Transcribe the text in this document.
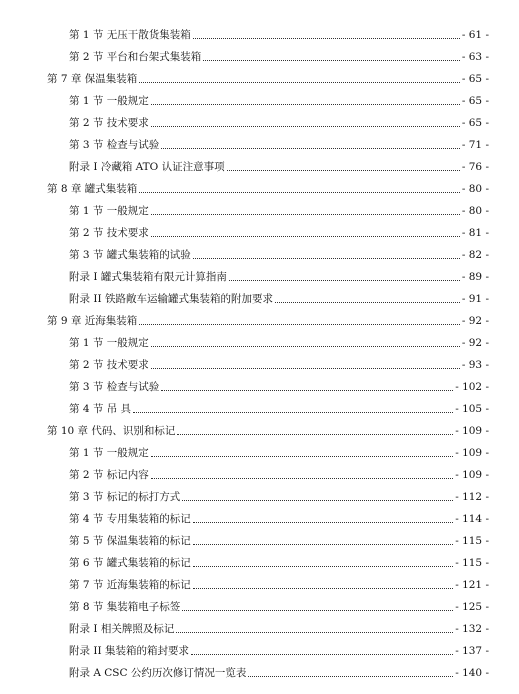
第 1 节 无压干散货集装箱	- 61 -
第 2 节 平台和台架式集装箱	- 63 -
第 7 章 保温集装箱	- 65 -
第 1 节 一般规定	- 65 -
第 2 节 技术要求	- 65 -
第 3 节 检查与试验	- 71 -
附录 I 冷藏箱 ATO 认证注意事项	- 76 -
第 8 章 罐式集装箱	- 80 -
第 1 节 一般规定	- 80 -
第 2 节 技术要求	- 81 -
第 3 节 罐式集装箱的试验	- 82 -
附录 I 罐式集装箱有限元计算指南	- 89 -
附录 II 铁路敞车运输罐式集装箱的附加要求	- 91 -
第 9 章 近海集装箱	- 92 -
第 1 节 一般规定	- 92 -
第 2 节 技术要求	- 93 -
第 3 节 检查与试验	- 102 -
第 4 节 吊 具	- 105 -
第 10 章 代码、识别和标记	- 109 -
第 1 节 一般规定	- 109 -
第 2 节 标记内容	- 109 -
第 3 节 标记的标打方式	- 112 -
第 4 节 专用集装箱的标记	- 114 -
第 5 节 保温集装箱的标记	- 115 -
第 6 节 罐式集装箱的标记	- 115 -
第 7 节 近海集装箱的标记	- 121 -
第 8 节 集装箱电子标签	- 125 -
附录 I 相关牌照及标记	- 132 -
附录 II 集装箱的箱封要求	- 137 -
附录 A CSC 公约历次修订情况一览表	- 140 -
